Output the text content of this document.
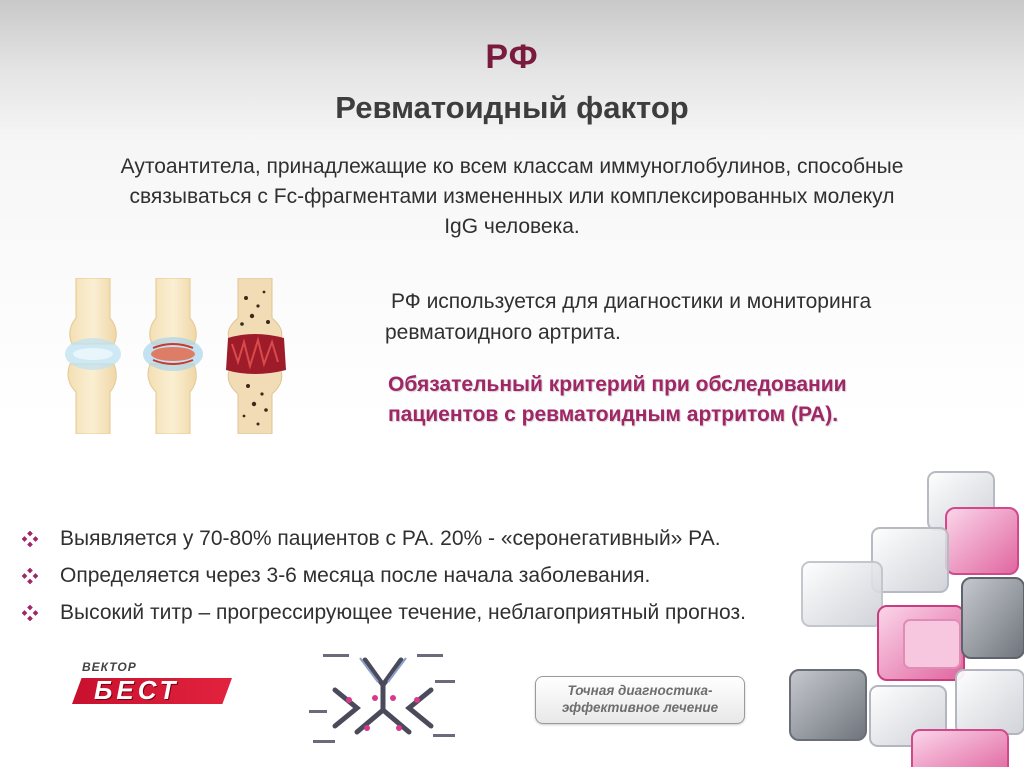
РФ
Ревматоидный фактор
Аутоантитела, принадлежащие ко всем классам иммуноглобулинов, способные
связываться с Fc-фрагментами измененных или комплексированных молекул
IgG человека.
РФ используется для диагностики и мониторинга
ревматоидного артрита.
Обязательный критерий при обследовании
пациентов с ревматоидным артритом (РА).
Выявляется у 70-80% пациентов с РА. 20% - «серонегативный» РА.
Определяется через 3-6 месяца после начала заболевания.
Высокий титр – прогрессирующее течение, неблагоприятный прогноз.
ВЕКТОР
БЕСТ	Точная диагностика-
эффективное лечение
